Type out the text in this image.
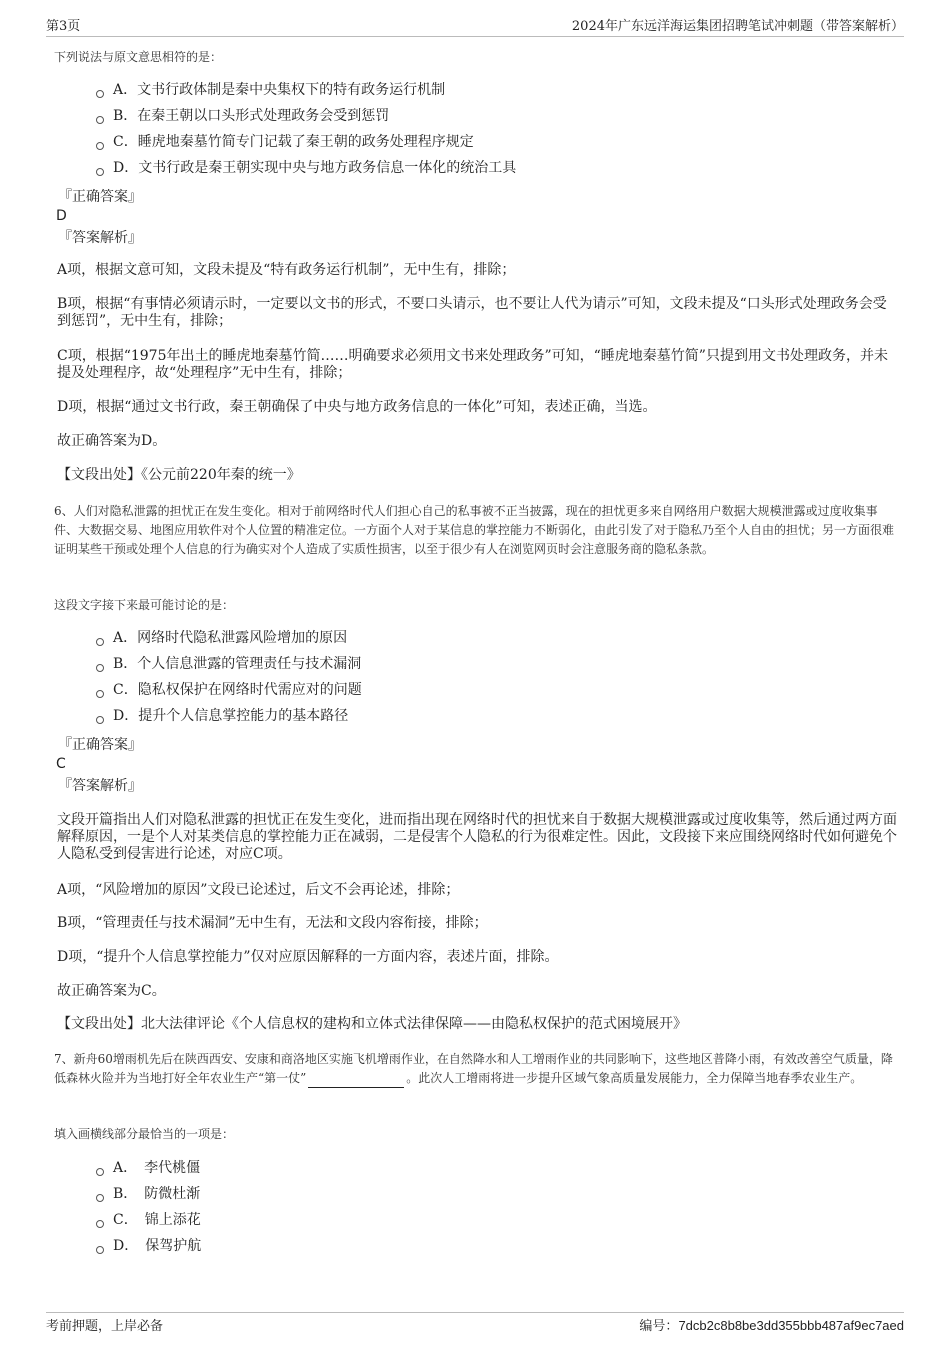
第3页	2024年广东远洋海运集团招聘笔试冲刺题（带答案解析）
下列说法与原文意思相符的是：
A．文书行政体制是秦中央集权下的特有政务运行机制
B．在秦王朝以口头形式处理政务会受到惩罚
C．睡虎地秦墓竹简专门记载了秦王朝的政务处理程序规定
D．文书行政是秦王朝实现中央与地方政务信息一体化的统治工具
『正确答案』
D
『答案解析』
A项，根据文意可知，文段未提及“特有政务运行机制”，无中生有，排除；
B项，根据“有事情必须请示时，一定要以文书的形式，不要口头请示，也不要让人代为请示”可知，文段未提及“口头形式处理政务会受到惩罚”，无中生有，排除；
C项，根据“1975年出土的睡虎地秦墓竹简……明确要求必须用文书来处理政务”可知，“睡虎地秦墓竹简”只提到用文书处理政务，并未提及处理程序，故“处理程序”无中生有，排除；
D项，根据“通过文书行政，秦王朝确保了中央与地方政务信息的一体化”可知，表述正确，当选。
故正确答案为D。
【文段出处】《公元前220年秦的统一》
6、人们对隐私泄露的担忧正在发生变化。相对于前网络时代人们担心自己的私事被不正当披露，现在的担忧更多来自网络用户数据大规模泄露或过度收集事件、大数据交易、地图应用软件对个人位置的精准定位。一方面个人对于某信息的掌控能力不断弱化，由此引发了对于隐私乃至个人自由的担忧；另一方面很难证明某些干预或处理个人信息的行为确实对个人造成了实质性损害，以至于很少有人在浏览网页时会注意服务商的隐私条款。
这段文字接下来最可能讨论的是：
A．网络时代隐私泄露风险增加的原因
B．个人信息泄露的管理责任与技术漏洞
C．隐私权保护在网络时代需应对的问题
D．提升个人信息掌控能力的基本路径
『正确答案』
C
『答案解析』
文段开篇指出人们对隐私泄露的担忧正在发生变化，进而指出现在网络时代的担忧来自于数据大规模泄露或过度收集等，然后通过两方面解释原因，一是个人对某类信息的掌控能力正在减弱，二是侵害个人隐私的行为很难定性。因此，文段接下来应围绕网络时代如何避免个人隐私受到侵害进行论述，对应C项。
A项，“风险增加的原因”文段已论述过，后文不会再论述，排除；
B项，“管理责任与技术漏洞”无中生有，无法和文段内容衔接，排除；
D项，“提升个人信息掌控能力”仅对应原因解释的一方面内容，表述片面，排除。
故正确答案为C。
【文段出处】北大法律评论《个人信息权的建构和立体式法律保障——由隐私权保护的范式困境展开》
7、新舟60增雨机先后在陕西西安、安康和商洛地区实施飞机增雨作业，在自然降水和人工增雨作业的共同影响下，这些地区普降小雨，有效改善空气质量，降低森林火险并为当地打好全年农业生产“第一仗”	。此次人工增雨将进一步提升区域气象高质量发展能力，全力保障当地春季农业生产。
填入画横线部分最恰当的一项是：
A．　李代桃僵
B．　防微杜渐
C．　锦上添花
D．　保驾护航
考前押题，上岸必备	编号：7dcb2c8b8be3dd355bbb487af9ec7aed
